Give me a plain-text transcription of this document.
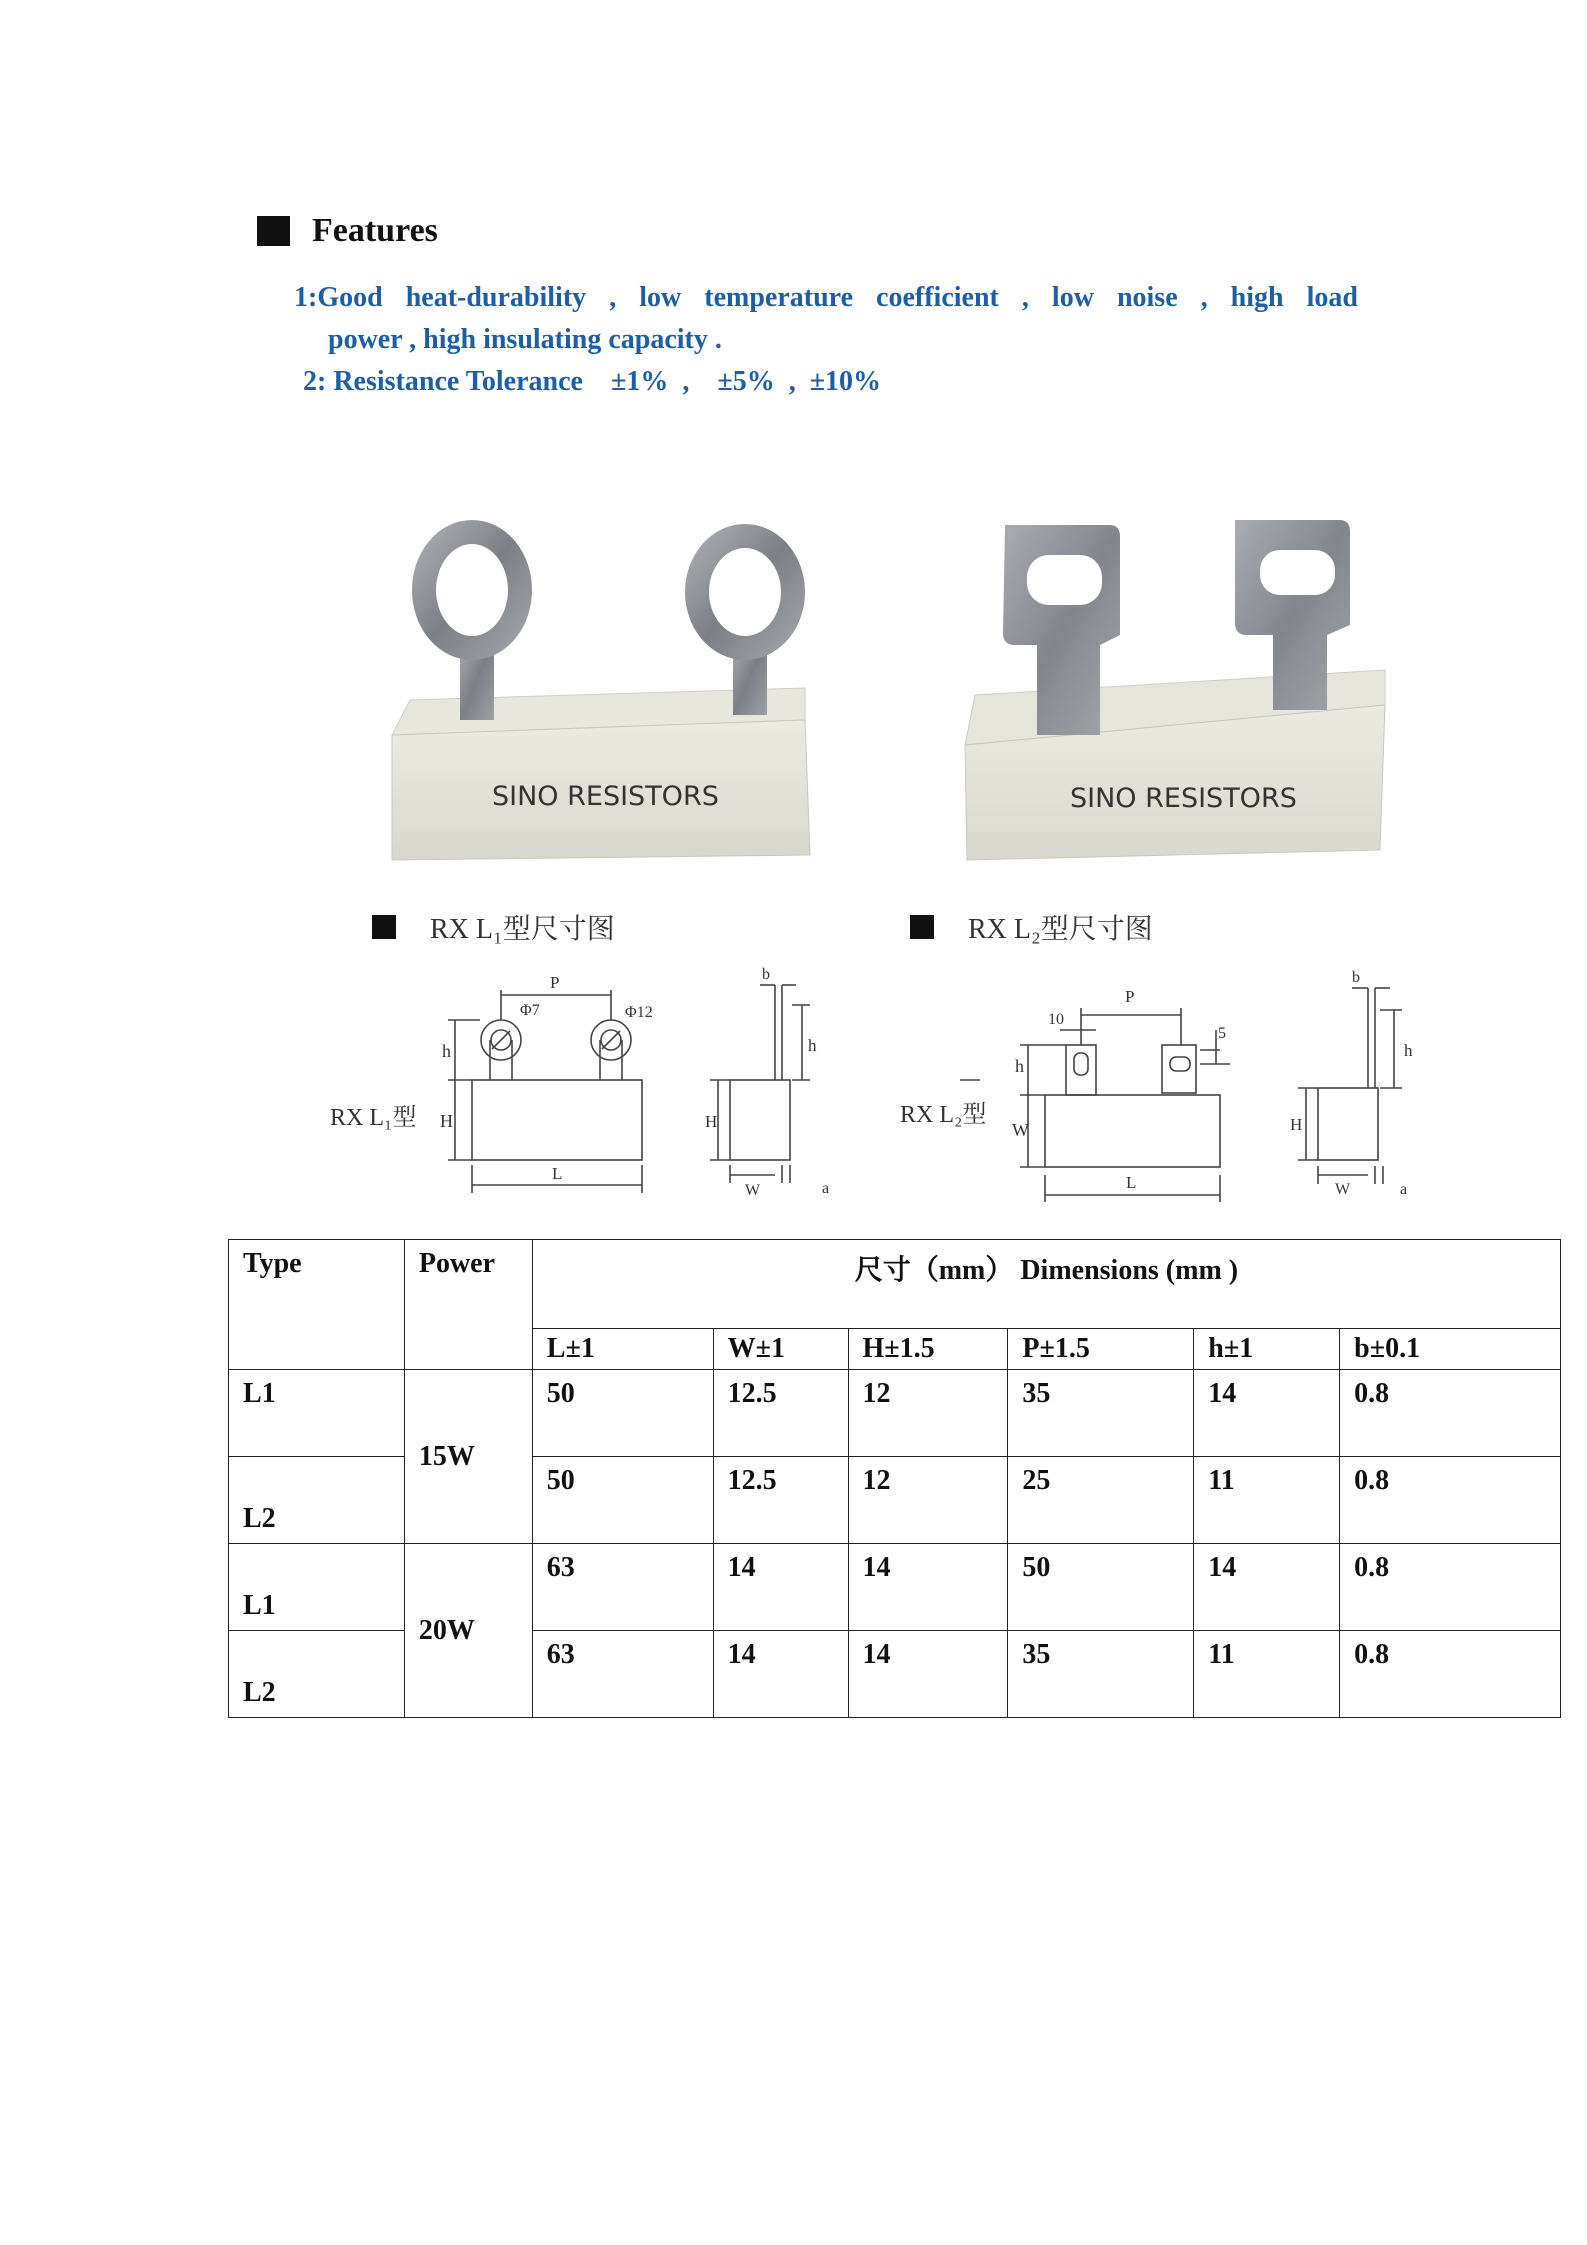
Features
1:Good heat-durability , low temperature coefficient , low noise , high load
power , high insulating capacity .
2: Resistance Tolerance    ±1%  ,    ±5%  ,  ±10%
SINO RESISTORS	SINO RESISTORS
RX L₁型尺寸图	RX L₂型尺寸图
RX L₁型
P
Φ7	Φ12
h
H
L
H
h
b
W	a
RX L₂型
P
10
5
h
W
L
H
h
b
W	a
Type	Power	尺寸（mm） Dimensions (mm )					
		L±1	W±1	H±1.5	P±1.5	h±1	b±0.1
L1	15W	50	12.5	12	35	14	0.8
L2		50	12.5	12	25	11	0.8
L1	20W	63	14	14	50	14	0.8
L2		63	14	14	35	11	0.8
